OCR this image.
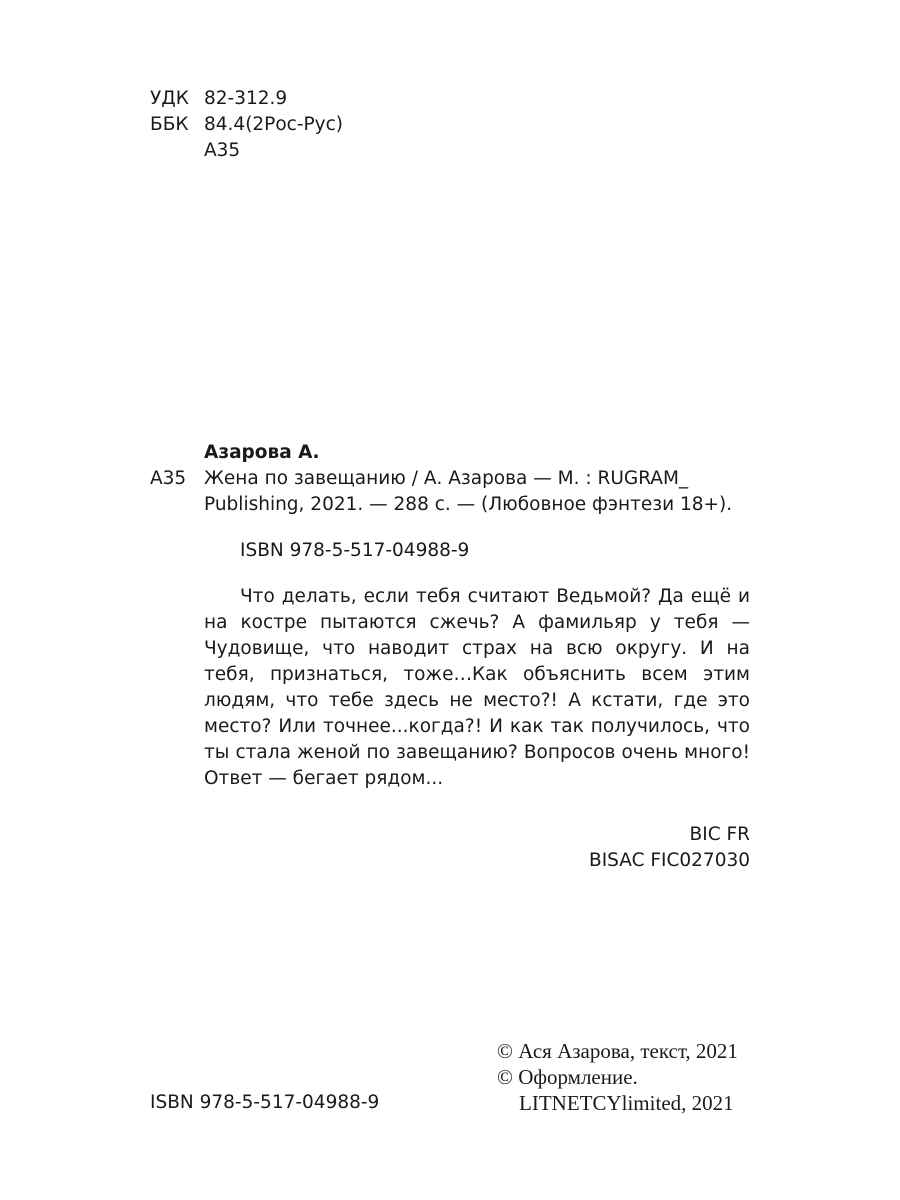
УДК 82-312.9
ББК 84.4(2Рос-Рус)
А35
Азарова А.
А35 Жена по завещанию / А. Азарова — М. : RUGRAM_
Publishing, 2021. — 288 с. — (Любовное фэнтези 18+).
ISBN 978-5-517-04988-9
Что делать, если тебя считают Ведьмой? Да ещё и на костре пытаются сжечь? А фамильяр у тебя — Чудовище, что наводит страх на всю округу. И на тебя, признаться, тоже…Как объяснить всем этим людям, что тебе здесь не место?! А кстати, где это место? Или точнее...когда?! И как так получилось, что ты стала женой по завещанию? Вопросов очень много! Ответ — бегает рядом...
BIC FR
BISAC FIC027030
ISBN 978-5-517-04988-9
© Ася Азарова, текст, 2021
© Оформление.
LITNETCYlimited, 2021
